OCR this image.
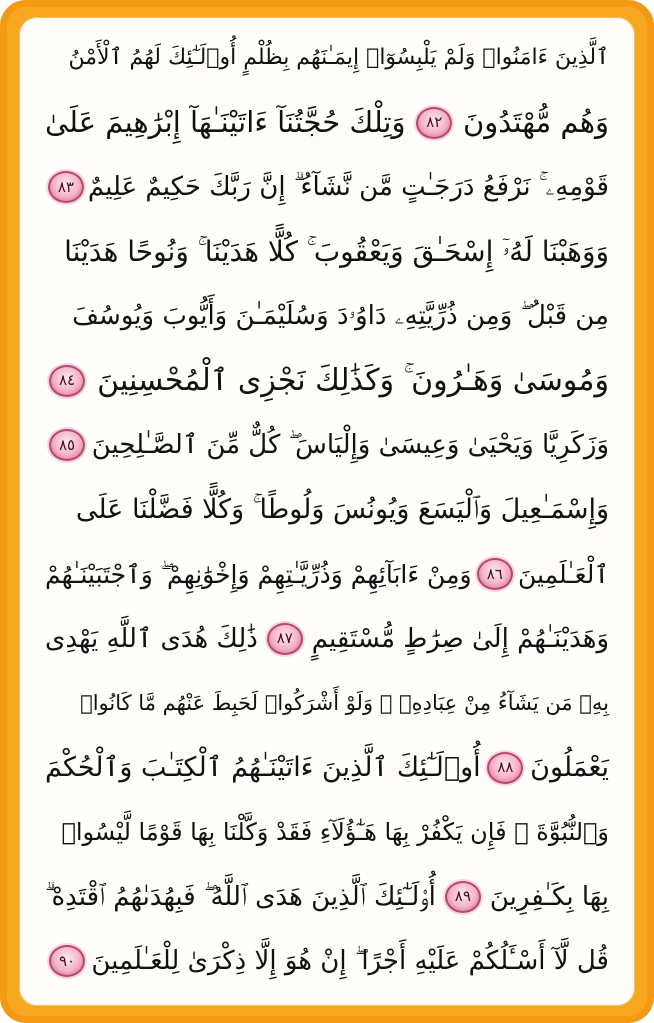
ٱلَّذِينَ ءَامَنُوا۟ وَلَمْ يَلْبِسُوٓا۟ إِيمَـٰنَهُم بِظُلْمٍ أُو۟لَـٰٓئِكَ لَهُمُ ٱلْأَمْنُ
وَهُم مُّهْتَدُونَ
٨٢
وَتِلْكَ حُجَّتُنَآ ءَاتَيْنَـٰهَآ إِبْرَٰهِيمَ عَلَىٰ
قَوْمِهِۦ ۚ نَرْفَعُ دَرَجَـٰتٍ مَّن نَّشَآءُ ۗ إِنَّ رَبَّكَ حَكِيمٌ عَلِيمٌ
٨٣
وَوَهَبْنَا لَهُۥٓ إِسْحَـٰقَ وَيَعْقُوبَ ۚ كُلًّا هَدَيْنَا ۚ وَنُوحًا هَدَيْنَا
مِن قَبْلُ ۖ وَمِن ذُرِّيَّتِهِۦ دَاوُۥدَ وَسُلَيْمَـٰنَ وَأَيُّوبَ وَيُوسُفَ
وَمُوسَىٰ وَهَـٰرُونَ ۚ وَكَذَٰلِكَ نَجْزِى ٱلْمُحْسِنِينَ
٨٤
وَزَكَرِيَّا وَيَحْيَىٰ وَعِيسَىٰ وَإِلْيَاسَ ۖ كُلٌّ مِّنَ ٱلصَّـٰلِحِينَ
٨٥
وَإِسْمَـٰعِيلَ وَٱلْيَسَعَ وَيُونُسَ وَلُوطًا ۚ وَكُلًّا فَضَّلْنَا عَلَى
ٱلْعَـٰلَمِينَ
٨٦
وَمِنْ ءَابَآئِهِمْ وَذُرِّيَّـٰتِهِمْ وَإِخْوَٰنِهِمْ ۖ وَٱجْتَبَيْنَـٰهُمْ
وَهَدَيْنَـٰهُمْ إِلَىٰ صِرَٰطٍ مُّسْتَقِيمٍ
٨٧
ذَٰلِكَ هُدَى ٱللَّهِ يَهْدِى
بِهِۦ مَن يَشَآءُ مِنْ عِبَادِهِۦ ۚ وَلَوْ أَشْرَكُوا۟ لَحَبِطَ عَنْهُم مَّا كَانُوا۟
يَعْمَلُونَ
٨٨
أُو۟لَـٰٓئِكَ ٱلَّذِينَ ءَاتَيْنَـٰهُمُ ٱلْكِتَـٰبَ وَٱلْحُكْمَ
وَٱلنُّبُوَّةَ ۚ فَإِن يَكْفُرْ بِهَا هَـٰٓؤُلَآءِ فَقَدْ وَكَّلْنَا بِهَا قَوْمًا لَّيْسُوا۟
بِهَا بِكَـٰفِرِينَ
٨٩
أُو۟لَـٰٓئِكَ ٱلَّذِينَ هَدَى ٱللَّهُ ۖ فَبِهُدَىٰهُمُ ٱقْتَدِهْ ۗ
قُل لَّآ أَسْـَٔلُكُمْ عَلَيْهِ أَجْرًا ۖ إِنْ هُوَ إِلَّا ذِكْرَىٰ لِلْعَـٰلَمِينَ
٩٠
